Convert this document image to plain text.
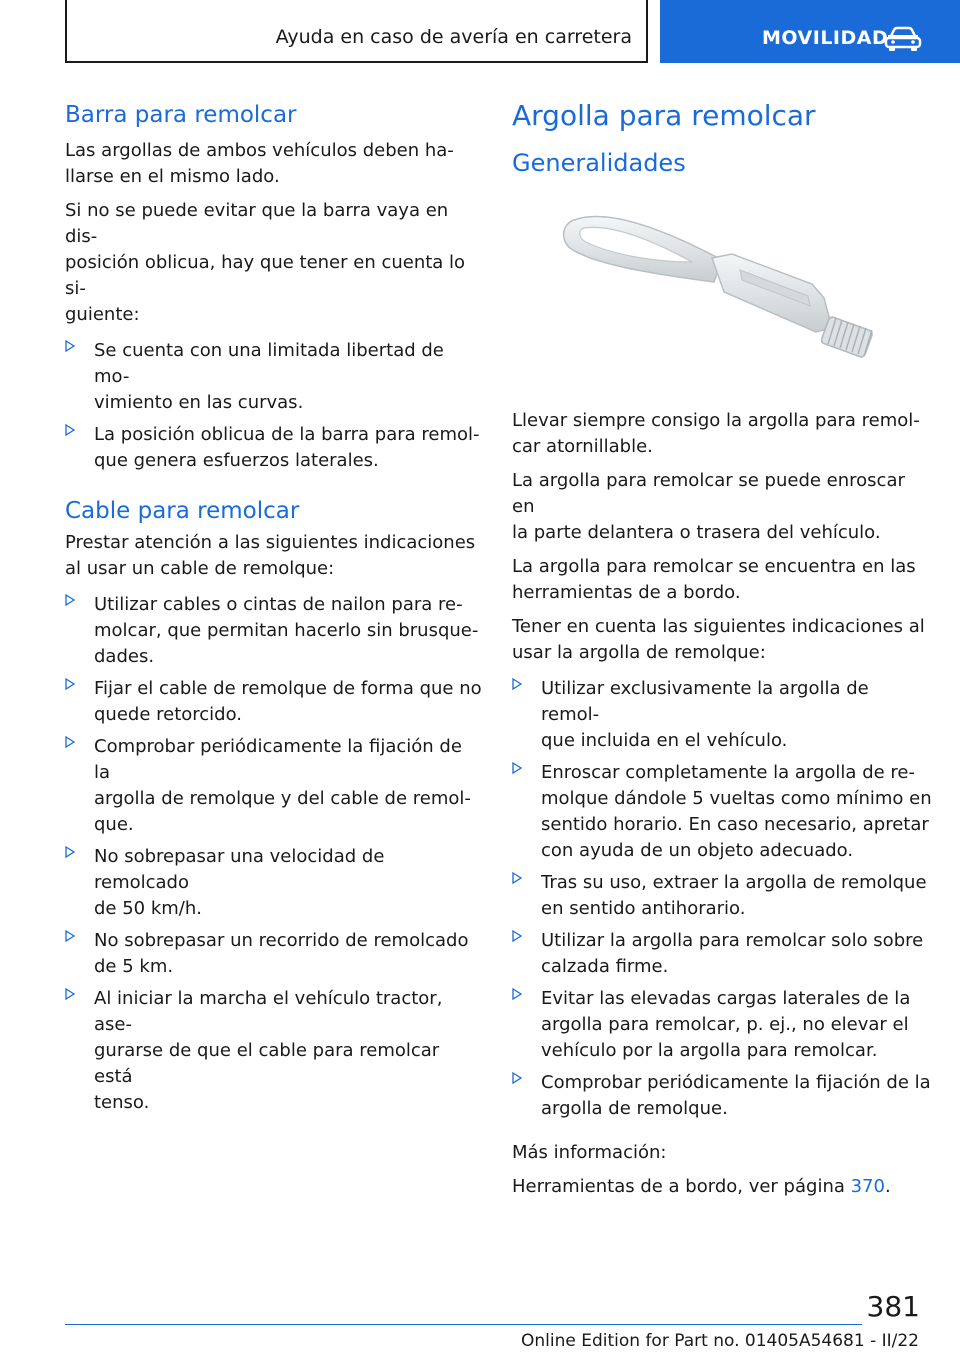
Ayuda en caso de avería en carretera	MOVILIDAD
Barra para remolcar

Las argollas de ambos vehículos deben ha-
llarse en el mismo lado.

Si no se puede evitar que la barra vaya en dis-
posición oblicua, hay que tener en cuenta lo si-
guiente:

Se cuenta con una limitada libertad de mo-
vimiento en las curvas.
La posición oblicua de la barra para remol-
que genera esfuerzos laterales.
Cable para remolcar

Prestar atención a las siguientes indicaciones
al usar un cable de remolque:

Utilizar cables o cintas de nailon para re-
molcar, que permitan hacerlo sin brusque-
dades.
Fijar el cable de remolque de forma que no
quede retorcido.
Comprobar periódicamente la fijación de la
argolla de remolque y del cable de remol-
que.
No sobrepasar una velocidad de remolcado
de 50 km/h.
No sobrepasar un recorrido de remolcado
de 5 km.
Al iniciar la marcha el vehículo tractor, ase-
gurarse de que el cable para remolcar está
tenso.
Argolla para remolcar
Generalidades

Llevar siempre consigo la argolla para remol-
car atornillable.

La argolla para remolcar se puede enroscar en
la parte delantera o trasera del vehículo.

La argolla para remolcar se encuentra en las
herramientas de a bordo.

Tener en cuenta las siguientes indicaciones al
usar la argolla de remolque:

Utilizar exclusivamente la argolla de remol-
que incluida en el vehículo.
Enroscar completamente la argolla de re-
molque dándole 5 vueltas como mínimo en
sentido horario. En caso necesario, apretar
con ayuda de un objeto adecuado.
Tras su uso, extraer la argolla de remolque
en sentido antihorario.
Utilizar la argolla para remolcar solo sobre
calzada firme.
Evitar las elevadas cargas laterales de la
argolla para remolcar, p. ej., no elevar el
vehículo por la argolla para remolcar.
Comprobar periódicamente la fijación de la
argolla de remolque.

Más información:

Herramientas de a bordo, ver página 370.

381
Online Edition for Part no. 01405A54681 - II/22
